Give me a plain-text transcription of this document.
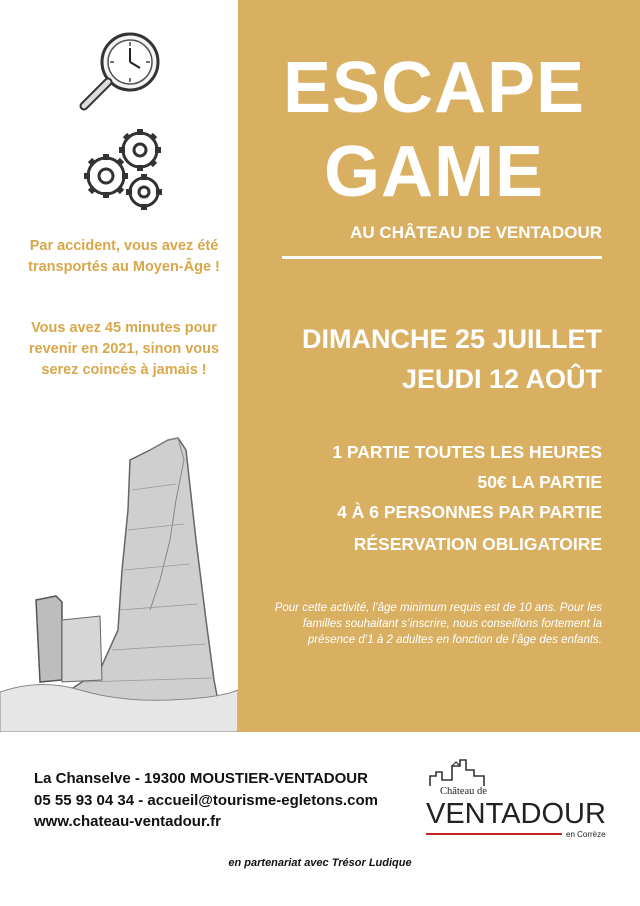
Par accident, vous avez été transportés au Moyen-Âge !
Vous avez 45 minutes pour revenir en 2021, sinon vous serez coincés à jamais !
ESCAPE
GAME
AU CHÂTEAU DE VENTADOUR
DIMANCHE 25 JUILLET
JEUDI 12 AOÛT
1 PARTIE TOUTES LES HEURES
50€ LA PARTIE
4 À 6 PERSONNES PAR PARTIE
RÉSERVATION OBLIGATOIRE
Pour cette activité, l’âge minimum requis est de 10 ans. Pour les familles souhaitant s’inscrire, nous conseillons fortement la présence d’1 à 2 adultes en fonction de l’âge des enfants.
La Chanselve - 19300 MOUSTIER-VENTADOUR
05 55 93 04 34 - accueil@tourisme-egletons.com
www.chateau-ventadour.fr
Château de
VENTADOUR
en Corrèze
en partenariat avec Trésor Ludique
